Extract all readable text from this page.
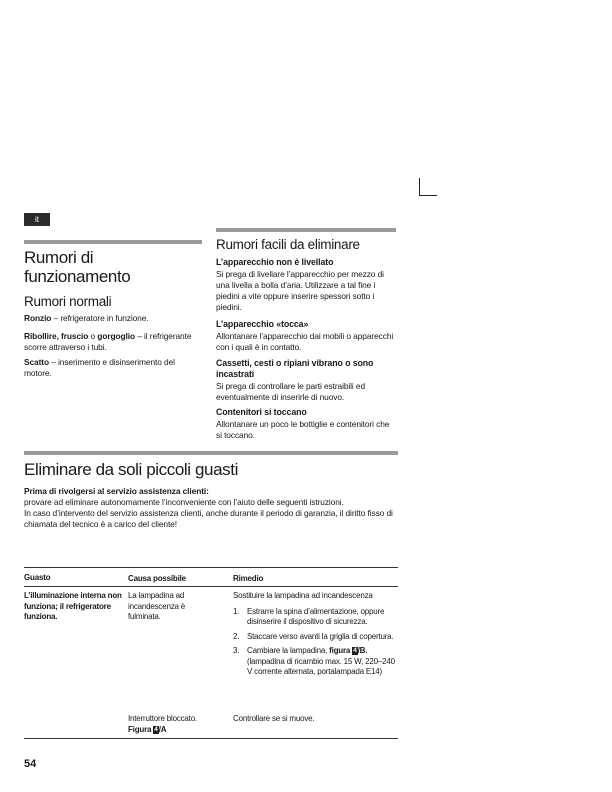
it
Rumori di funzionamento
Rumori normali
Ronzio – refrigeratore in funzione.
Ribollire, fruscio o gorgoglio – il refrigerante scorre attraverso i tubi.
Scatto – inserimento e disinserimento del motore.
Rumori facili da eliminare
L’apparecchio non è livellato
Si prega di livellare l’apparecchio per mezzo di una livella a bolla d’aria. Utilizzare a tal fine i piedini a vite oppure inserire spessori sotto i piedini.
L’apparecchio «tocca»
Allontanare l’apparecchio dai mobili o apparecchi con i quali è in contatto.
Cassetti, cesti o ripiani vibrano o sono incastrati
Si prega di controllare le parti estraibili ed eventualmente di inserirle di nuovo.
Contenitori si toccano
Allontanare un poco le bottiglie e contenitori che si toccano.
Eliminare da soli piccoli guasti
Prima di rivolgersi al servizio assistenza clienti:
provare ad eliminare autonomamente l’inconveniente con l’aiuto delle seguenti istruzioni.
In caso d’intervento del servizio assistenza clienti, anche durante il periodo di garanzia, il diritto fisso di chiamata del tecnico è a carico del cliente!
Guasto	Causa possibile	Rimedio
L’illuminazione interna non funziona; il refrigeratore funziona.
La lampadina ad incandescenza è fulminata.
Sostituire la lampadina ad incandescenza
1. Estrarre la spina d’alimentazione, oppure disinserire il dispositivo di sicurezza.
2. Staccare verso avanti la griglia di copertura.
3. Cambiare la lampadina, figura 4/B. (lampadina di ricambio max. 15 W, 220–240 V corrente alternata, portalampada E14)
Interruttore bloccato.
Figura 4/A
Controllare se si muove.
54
